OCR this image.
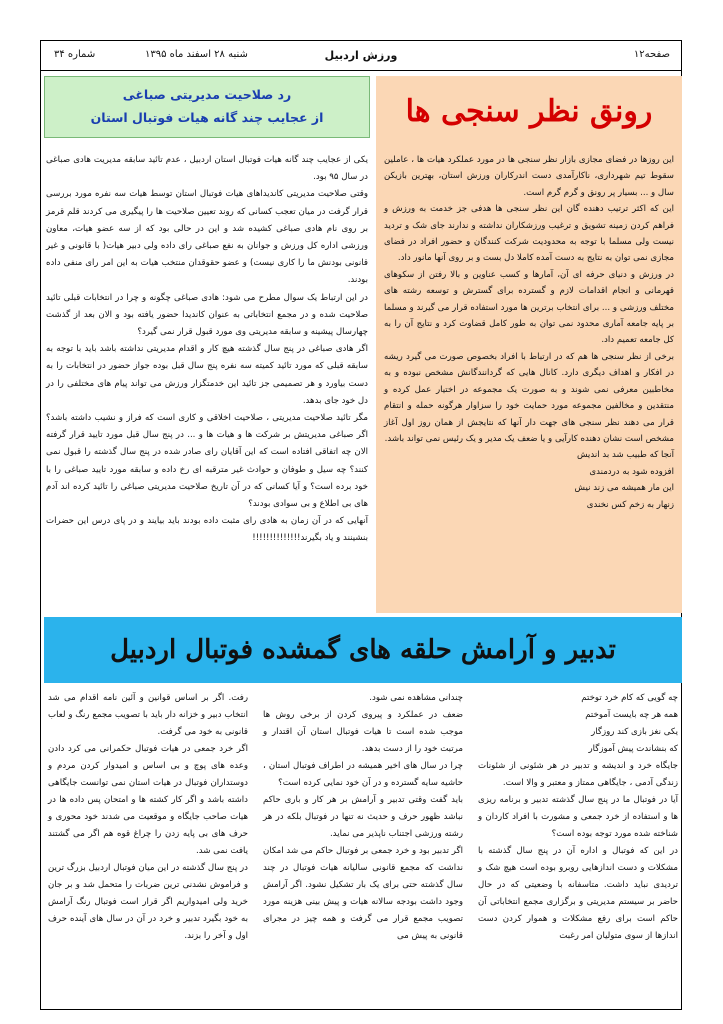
صفحه۱۲
ورزش اردبیل
شنبه ۲۸ اسفند ماه ۱۳۹۵
شماره ۳۴
رونق نظر سنجی ها

این روزها در فضای مجازی بازار نظر سنجی ها در مورد عملکرد هیات ها ، عاملین سقوط تیم شهرداری، ناکارآمدی دست اندرکاران ورزش استان، بهترین بازیکن سال و ... بسیار پر رونق و گرم گرم است.

این که اکثر ترتیب دهنده گان این نظر سنجی ها هدفی جز خدمت به ورزش و فراهم کردن زمینه تشویق و ترغیب ورزشکاران نداشته و ندارند جای شک و تردید نیست ولی مسلما با توجه به محدودیت شرکت کنندگان و حضور افراد در فضای مجازی نمی توان به نتایج به دست آمده کاملا دل بست و بر روی آنها مانور داد.

در ورزش و دنیای حرفه ای آن، آمارها و کسب عناوین و بالا رفتن از سکوهای قهرمانی و انجام اقدامات لازم و گسترده برای گسترش و توسعه رشته های مختلف ورزشی و ... برای انتخاب برترین ها مورد استفاده قرار می گیرند و مسلما بر پایه جامعه آماری محدود نمی توان به طور کامل قضاوت کرد و نتایج آن را به کل جامعه تعمیم داد.

برخی از نظر سنجی ها هم که در ارتباط با افراد بخصوص صورت می گیرد ریشه در افکار و اهداف دیگری دارد. کانال هایی که گردانندگانش مشخص نبوده و به مخاطبین معرفی نمی شوند و به صورت یک مجموعه در اختیار عمل کرده و منتقدین و مخالفین مجموعه مورد حمایت خود را سزاوار هرگونه حمله و انتقام قرار می دهند نظر سنجی های جهت دار آنها که نتایجش از همان روز اول آغاز مشخص است نشان دهنده کارآیی و یا ضعف یک مدیر و یک رئیس نمی تواند باشد.

آنجا که طبیب شد بد اندیش
افزوده شود به دردمندی
این مار همیشه می زند نیش
زنهار به زخم کس نخندی
رد صلاحیت مدیریتی صباغی
از عجایب چند گانه هیات فوتبال استان

یکی از عجایب چند گانه هیات فوتبال استان اردبیل ، عدم تائید سابقه مدیریت هادی صباغی در سال ۹۵ بود.

وقتی صلاحیت مدیریتی کاندیداهای هیات فوتبال استان توسط هیات سه نفره مورد بررسی قرار گرفت در میان تعجب کسانی که روند تعیین صلاحیت ها را پیگیری می کردند قلم قرمز بر روی نام هادی صباغی کشیده شد و این در حالی بود که از سه عضو هیات، معاون ورزشی اداره کل ورزش و جوانان به نفع صباغی رای داده ولی دبیر هیات( با قانونی و غیر قانونی بودنش ما را کاری نیست) و عضو حقوقدان منتخب هیات به این امر رای منفی داده بودند.

در این ارتباط یک سوال مطرح می شود: هادی صباغی چگونه و چرا در انتخابات قبلی تائید صلاحیت شده و در مجمع انتخاباتی به عنوان کاندیدا حضور یافته بود و الان بعد از گذشت چهارسال پیشینه و سابقه مدیریتی وی مورد قبول قرار نمی گیرد؟

اگر هادی صباغی در پنج سال گذشته هیچ کار و اقدام مدیریتی نداشته باشد باید با توجه به سابقه قبلی که مورد تائید کمیته سه نفره پنج سال قبل بوده جواز حضور در انتخابات را به دست بیاورد و هر تصمیمی جز تائید این خدمتگزار ورزش می تواند پیام های مختلفی را در دل خود جای بدهد.

مگر تائید صلاحیت مدیریتی ، صلاحیت اخلاقی و کاری است که فراز و نشیب داشته باشد؟ اگر صباغی مدیریتش بر شرکت ها و هیات ها و ... در پنج سال قبل مورد تایید قرار گرفته الان چه اتفاقی افتاده است که این آقایان رای صادر شده در پنج سال گذشته را قبول نمی کنند؟ چه سیل و طوفان و حوادث غیر مترقبه ای رخ داده و سابقه مورد تایید صباغی را با خود برده است؟ و آیا کسانی که در آن تاریخ صلاحیت مدیریتی صباغی را تائید کرده اند آدم های بی اطلاع و بی سوادی بودند؟

آنهایی که در آن زمان به هادی رای مثبت داده بودند باید بیایند و در پای درس این حضرات بنشینند و یاد بگیرند!!!!!!!!!!!!!!

تدبیر و آرامش حلقه های گمشده فوتبال اردبیل

چه گویی که کام خرد توختم

همه هر چه بایست آموختم

یکی نغز بازی کند روزگار

که بنشاندت پیش آموزگار

جایگاه خرد و اندیشه و تدبیر در هر شئونی از شئونات زندگی آدمی ، جایگاهی ممتاز و معتبر و والا است.

آیا در فوتبال ما در پنج سال گذشته تدبیر و برنامه ریزی ها و استفاده از خرد جمعی و مشورت با افراد کاردان و شناخته شده مورد توجه بوده است؟

در این که فوتبال و اداره آن در پنج سال گذشته با مشکلات و دست اندازهایی روبرو بوده است هیچ شک و تردیدی نباید داشت. متاسفانه با وضعیتی که در حال حاضر بر سیستم مدیریتی و برگزاری مجمع انتخاباتی آن حاکم است برای رفع مشکلات و هموار کردن دست اندازها از سوی متولیان امر رغبت

چندانی مشاهده نمی شود.

ضعف در عملکرد و پیروی کردن از برخی روش ها موجب شده است تا هیات فوتبال استان آن اقتدار و مرتبت خود را از دست بدهد.

چرا در سال های اخیر همیشه در اطراف فوتبال استان ، حاشیه سایه گسترده و در آن خود نمایی کرده است؟

باید گفت وقتی تدبیر و آرامش بر هر کار و باری حاکم نباشد ظهور حرف و حدیث نه تنها در فوتبال بلکه در هر رشته ورزشی اجتناب ناپذیر می نماید.

اگر تدبیر بود و خرد جمعی بر فوتبال حاکم می شد امکان نداشت که مجمع قانونی سالیانه هیات فوتبال در چند سال گذشته حتی برای یک بار تشکیل نشود. اگر آرامش وجود داشت بودجه سالانه هیات و پیش بینی هزینه مورد تصویب مجمع قرار می گرفت و همه چیز در مجرای قانونی به پیش می

رفت. اگر بر اساس قوانین و آئین نامه اقدام می شد انتخاب دبیر و خزانه دار باید با تصویب مجمع رنگ و لعاب قانونی به خود می گرفت.

اگر خرد جمعی در هیات فوتبال حکمرانی می کرد دادن وعده های پوچ و بی اساس و امیدوار کردن مردم و دوستداران فوتبال در هیات استان نمی توانست جایگاهی داشته باشد و اگر کار کشته ها و امتحان پس داده ها در هیات صاحب جایگاه و موقعیت می شدند خود محوری و حرف های بی پایه زدن را چراغ قوه هم اگر می گشتند یافت نمی شد.

در پنج سال گذشته در این میان فوتبال اردبیل بزرگ ترین و فراموش نشدنی ترین ضربات را متحمل شد و بر جان خرید ولی امیدواریم اگر قرار است فوتبال رنگ آرامش به خود بگیرد تدبیر و خرد در آن در سال های آینده حرف اول و آخر را بزند.
